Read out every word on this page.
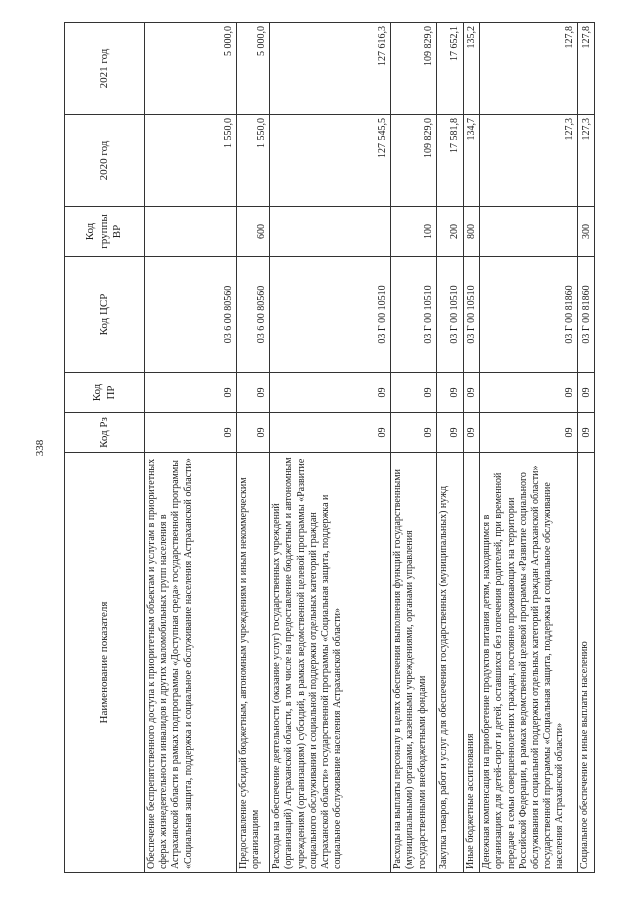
338
Наименование показателя	Код Рз	Код ПР	Код ЦСР	Код группы ВР	2020 год	2021 год
Обеспечение беспрепятственного доступа к приоритетным объектам и услугам в приоритетных сферах жизнедеятельности инвалидов и других маломобильных групп населения в Астраханской области в рамках подпрограммы «Доступная среда» государственной программы «Социальная защита, поддержка и социальное обслуживание населения Астраханской области»	09	09	03 6 00 80560		1 550,0	5 000,0
Предоставление субсидий бюджетным, автономным учреждениям и иным некоммерческим организациям	09	09	03 6 00 80560	600	1 550,0	5 000,0
Расходы на обеспечение деятельности (оказание услуг) государственных учреждений (организаций) Астраханской области, в том числе на предоставление бюджетным и автономным учреждениям (организациям) субсидий, в рамках ведомственной целевой программы «Развитие социального обслуживания и социальной поддержки отдельных категорий граждан Астраханской области» государственной программы «Социальная защита, поддержка и социальное обслуживание населения Астраханской области»	09	09	03 Г 00 10510		127 545,5	127 616,3
Расходы на выплаты персоналу в целях обеспечения выполнения функций государственными (муниципальными) органами, казенными учреждениями, органами управления государственными внебюджетными фондами	09	09	03 Г 00 10510	100	109 829,0	109 829,0
Закупка товаров, работ и услуг для обеспечения государственных (муниципальных) нужд	09	09	03 Г 00 10510	200	17 581,8	17 652,1
Иные бюджетные ассигнования	09	09	03 Г 00 10510	800	134,7	135,2
Денежная компенсация на приобретение продуктов питания детям, находящимся в организациях для детей-сирот и детей, оставшихся без попечения родителей, при временной передаче в семьи совершеннолетних граждан, постоянно проживающих на территории Российской Федерации, в рамках ведомственной целевой программы «Развитие социального обслуживания и социальной поддержки отдельных категорий граждан Астраханской области» государственной программы «Социальная защита, поддержка и социальное обслуживание населения Астраханской области»	09	09	03 Г 00 81860		127,3	127,8
Социальное обеспечение и иные выплаты населению	09	09	03 Г 00 81860	300	127,3	127,8
